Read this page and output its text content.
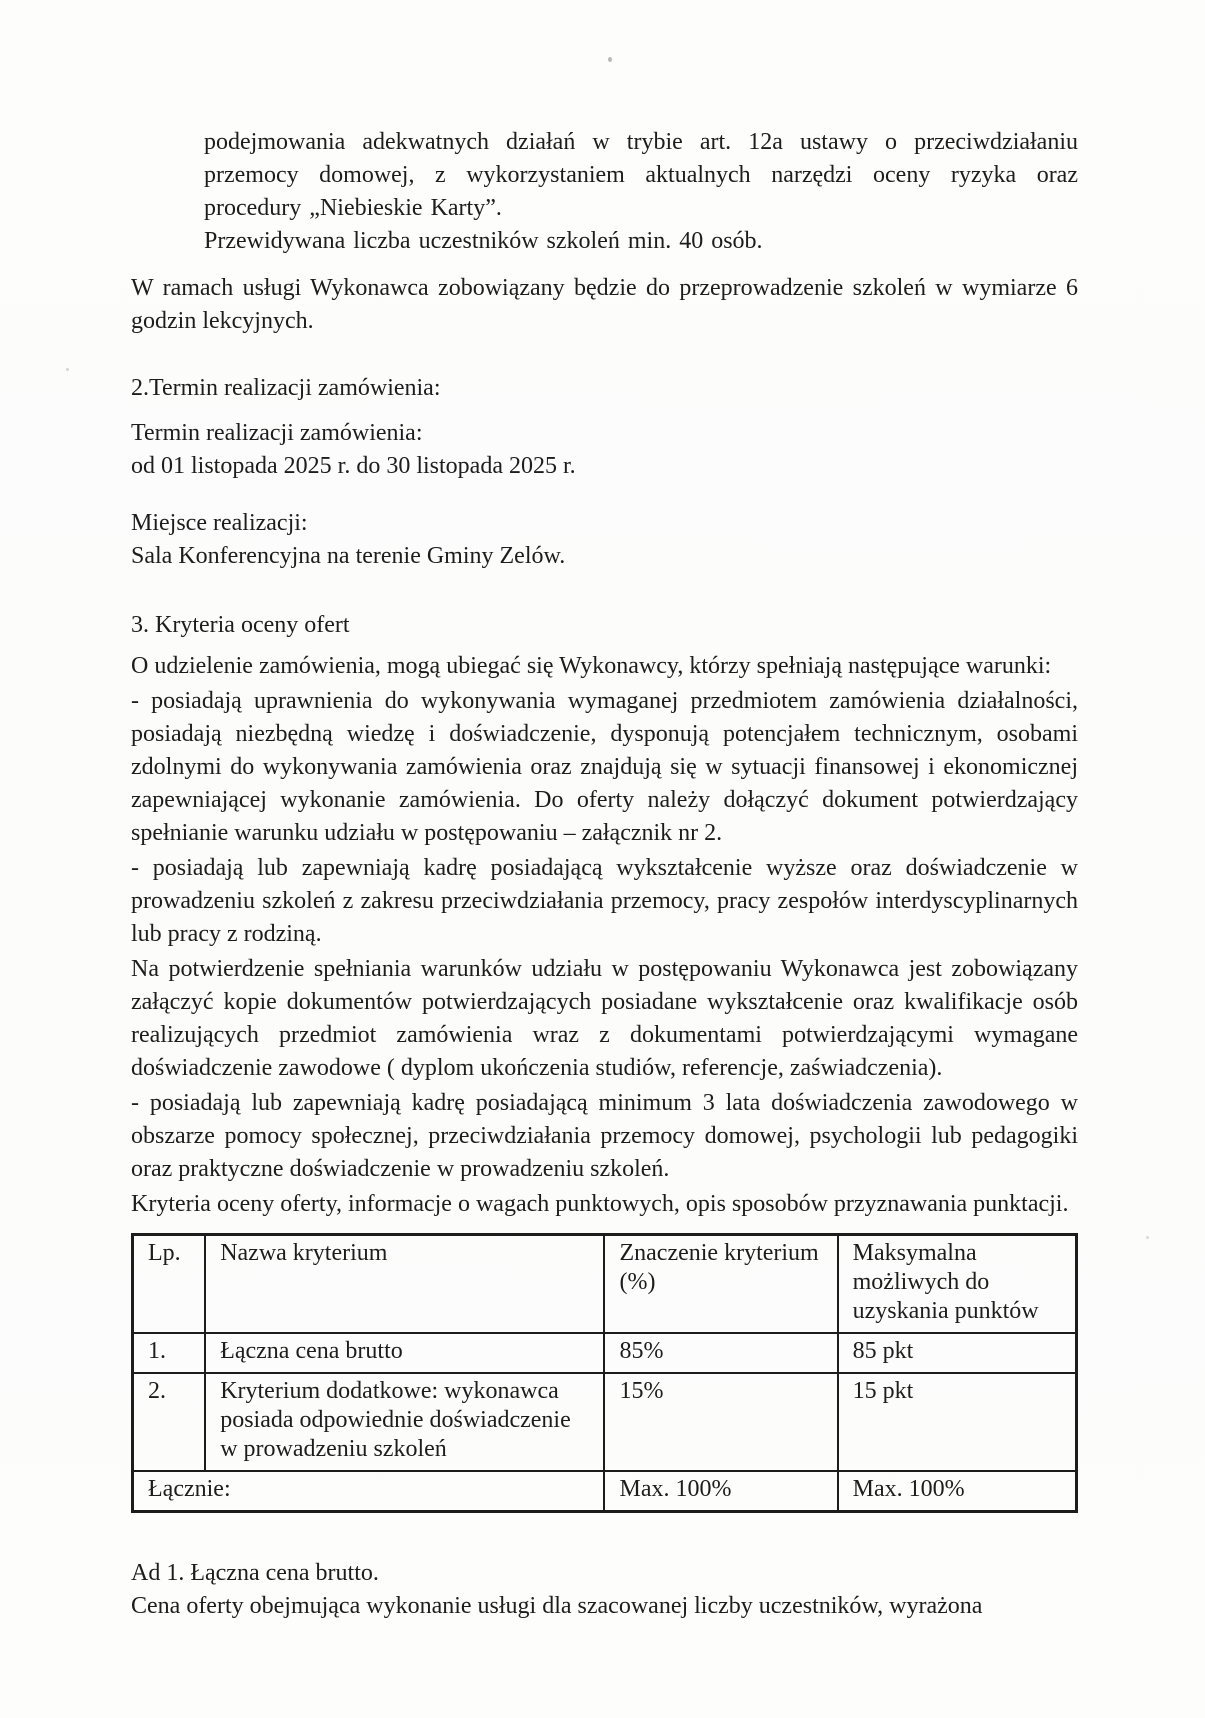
podejmowania adekwatnych działań w trybie art. 12a ustawy o przeciwdziałaniu przemocy domowej, z wykorzystaniem aktualnych narzędzi oceny ryzyka oraz procedury „Niebieskie Karty”.

Przewidywana liczba uczestników szkoleń min. 40 osób.

W ramach usługi Wykonawca zobowiązany będzie do przeprowadzenie szkoleń w wymiarze 6 godzin lekcyjnych.

2.Termin realizacji zamówienia:

Termin realizacji zamówienia:

od 01 listopada 2025 r. do 30 listopada 2025 r.

Miejsce realizacji:

Sala Konferencyjna na terenie Gminy Zelów.

3. Kryteria oceny ofert

O udzielenie zamówienia, mogą ubiegać się Wykonawcy, którzy spełniają następujące warunki:

- posiadają uprawnienia do wykonywania wymaganej przedmiotem zamówienia działalności, posiadają niezbędną wiedzę i doświadczenie, dysponują potencjałem technicznym, osobami zdolnymi do wykonywania zamówienia oraz znajdują się w sytuacji finansowej i ekonomicznej zapewniającej wykonanie zamówienia. Do oferty należy dołączyć dokument potwierdzający spełnianie warunku udziału w postępowaniu – załącznik nr 2.

- posiadają lub zapewniają kadrę posiadającą wykształcenie wyższe oraz doświadczenie w prowadzeniu szkoleń z zakresu przeciwdziałania przemocy, pracy zespołów interdyscyplinarnych lub pracy z rodziną.

Na potwierdzenie spełniania warunków udziału w postępowaniu Wykonawca jest zobowiązany załączyć kopie dokumentów potwierdzających posiadane wykształcenie oraz kwalifikacje osób realizujących przedmiot zamówienia wraz z dokumentami potwierdzającymi wymagane doświadczenie zawodowe ( dyplom ukończenia studiów, referencje, zaświadczenia).

- posiadają lub zapewniają kadrę posiadającą minimum 3 lata doświadczenia zawodowego w obszarze pomocy społecznej, przeciwdziałania przemocy domowej, psychologii lub pedagogiki oraz praktyczne doświadczenie w prowadzeniu szkoleń.

Kryteria oceny oferty, informacje o wagach punktowych, opis sposobów przyznawania punktacji.

Lp.	Nazwa kryterium	Znaczenie kryterium (%)	Maksymalna możliwych do uzyskania punktów
1.	Łączna cena brutto	85%	85 pkt
2.	Kryterium dodatkowe: wykonawca posiada odpowiednie doświadczenie w prowadzeniu szkoleń	15%	15 pkt
Łącznie:		Max. 100%	Max. 100%

Ad 1. Łączna cena brutto.

Cena oferty obejmująca wykonanie usługi dla szacowanej liczby uczestników, wyrażona
